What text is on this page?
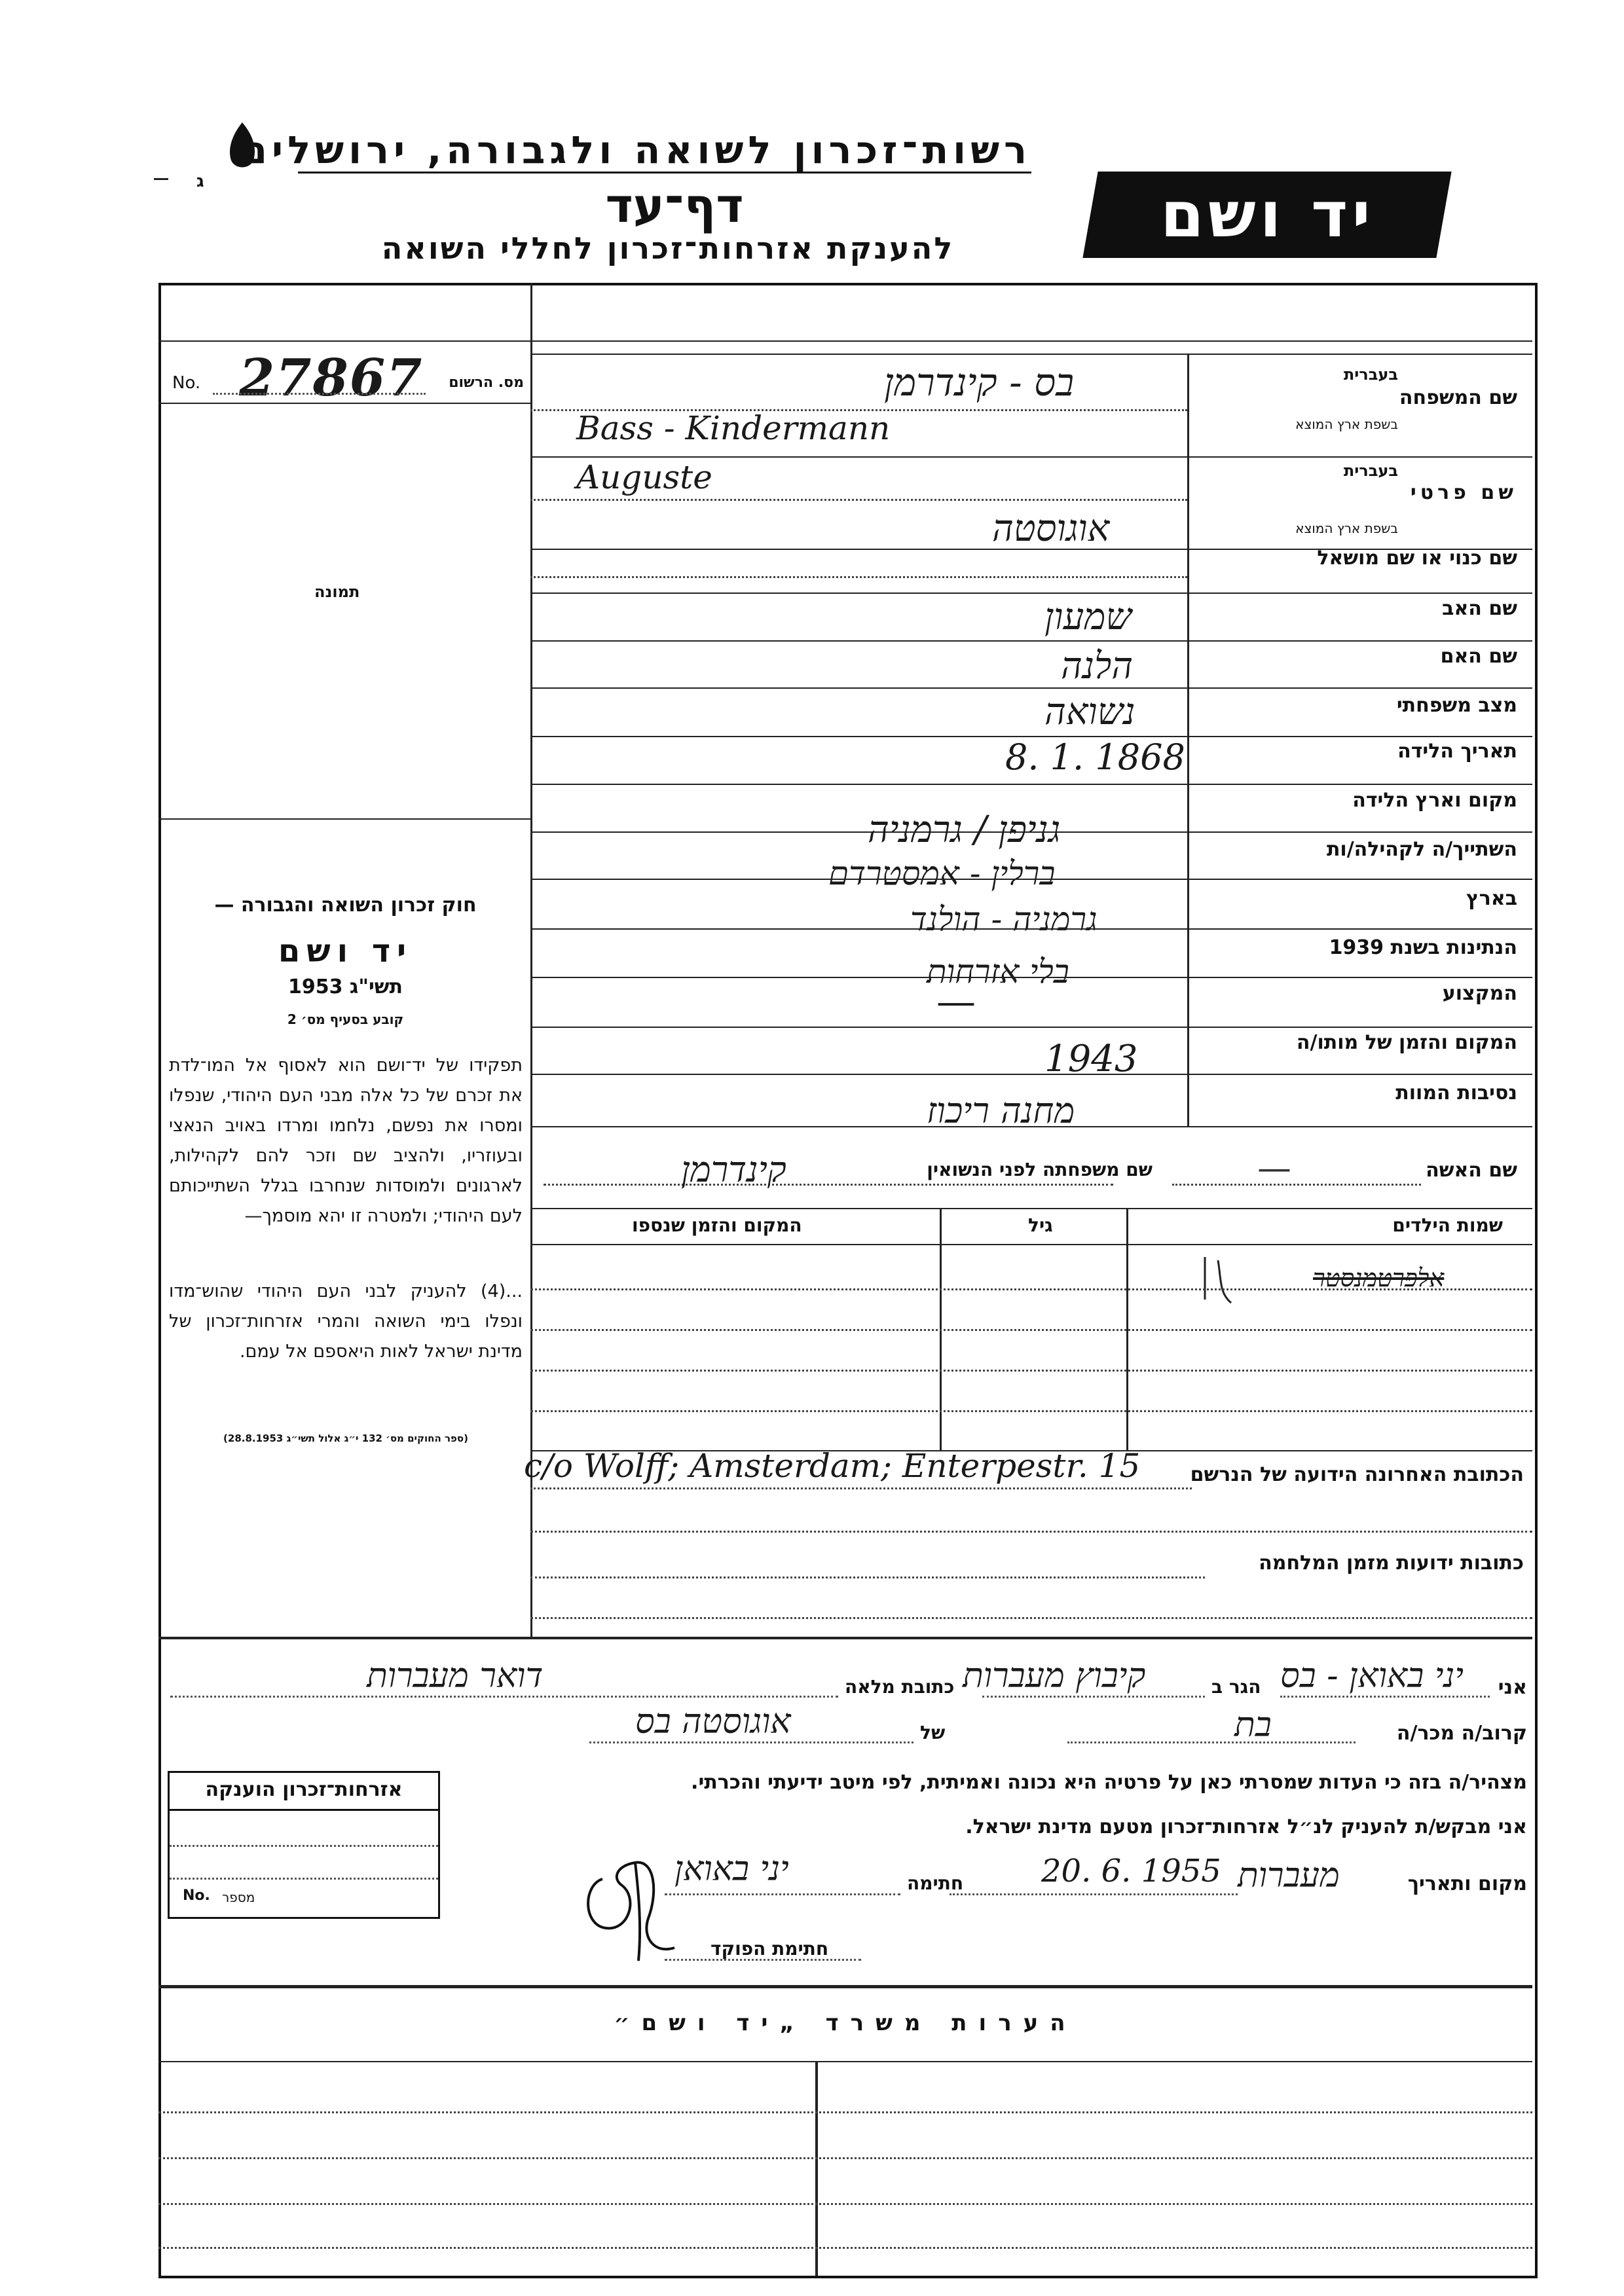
ג
רשות־זכרון לשואה ולגבורה, ירושלים
דף־עד
להענקת אזרחות־זכרון לחללי השואה	יד ושם
No. 27867 מס. הרשום
תמונה
חוק זכרון השואה והגבורה —
יד ושם
תשי"ג 1953
קובע בסעיף מס׳ 2
תפקידו של יד־ושם הוא לאסוף אל המו־לדת את זכרם של כל אלה מבני העם היהודי, שנפלו ומסרו את נפשם, נלחמו ומרדו באויב הנאצי ובעוזריו, ולהציב שם וזכר להם לקהילות, לארגונים ולמוסדות שנחרבו בגלל השתייכותם לעם היהודי; ולמטרה זו יהא מוסמך—
...(4) להעניק לבני העם היהודי שהוש־מדו ונפלו בימי השואה והמרי אזרחות־זכרון של מדינת ישראל לאות היאספם אל עמם.
(ספר החוקים מס׳ 132 י״ג אלול תשי״ג 28.8.1953)
שם המשפחה
בעברית
בשפת ארץ המוצא
בס - קינדרמן
Bass - Kindermann
שם פרטי
בעברית
בשפת ארץ המוצא
Auguste
אוגוסטה
שם כנוי או שם מושאל
שם האב
שמעון
שם האם
הלנה
מצב משפחתי
נשואה
תאריך הלידה
8. 1. 1868
מקום וארץ הלידה
גניפן / גרמניה	השתייך/ה לקהילה/ות
ברלין - אמסטרדם
בארץ
גרמניה - הולנד
הנתינות בשנת 1939
בלי אזרחות
המקצוע
—
המקום והזמן של מותו/ה
1943
נסיבות המוות
מחנה ריכוז
שם האשה
—
שם משפחתה לפני הנשואין
קינדרמן
שמות הילדים
גיל
המקום והזמן שנספו
אלפרטמנסטר
הכתובת האחרונה הידועה של הנרשם
c/o Wolff; Amsterdam; Enterpestr. 15
כתובות ידועות מזמן המלחמה
אני
יני באואן - בס
הגר ב
קיבוץ מעברות
כתובת מלאה
דואר מעברות
קרוב/ה מכר/ה
בת
של
אוגוסטה בס
מצהיר/ה בזה כי העדות שמסרתי כאן על פרטיה היא נכונה ואמיתית, לפי מיטב ידיעתי והכרתי.
אני מבקש/ת להעניק לנ״ל אזרחות־זכרון מטעם מדינת ישראל.
מקום ותאריך
מעברות
20. 6. 1955
חתימה
יני באואן
חתימת הפוקד
אזרחות־זכרון הוענקה
No. מספר
הערות משרד „יד ושם״
